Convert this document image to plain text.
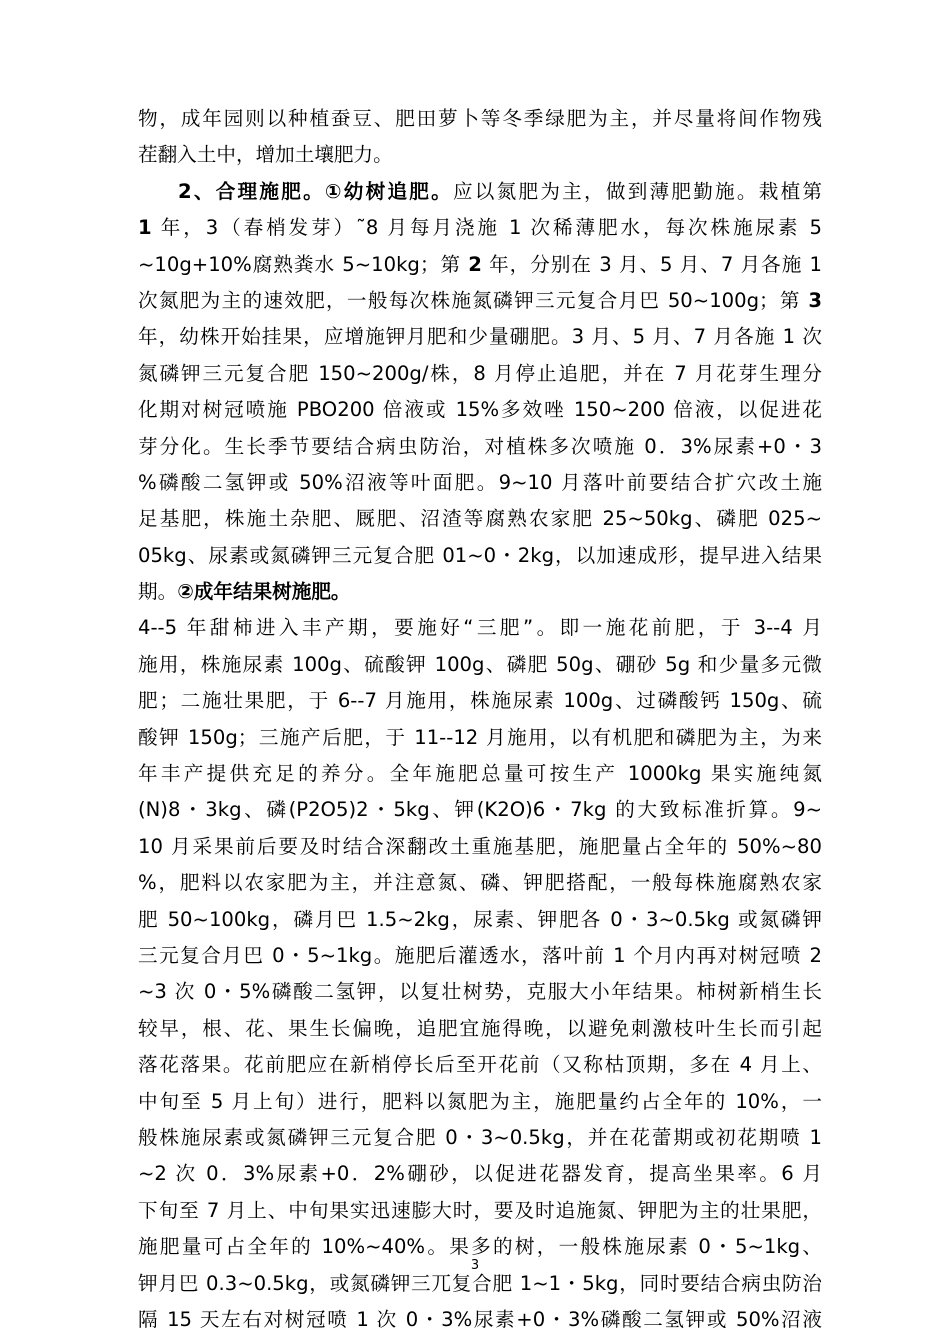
物，成年园则以种植蚕豆、肥田萝卜等冬季绿肥为主，并尽量将间作物残
茬翻入土中，增加土壤肥力。
2、合理施肥。①幼树追肥。应以氮肥为主，做到薄肥勤施。栽植第
1 年，3（春梢发芽）˜8 月每月浇施 1 次稀薄肥水，每次株施尿素 5
~10g+10%腐熟粪水 5~10kg；第 2 年，分别在 3 月、5 月、7 月各施 1
次氮肥为主的速效肥，一般每次株施氮磷钾三元复合月巴 50~100g；第 3
年，幼株开始挂果，应增施钾月肥和少量硼肥。3 月、5 月、7 月各施 1 次
氮磷钾三元复合肥 150~200g/株，8 月停止追肥，并在 7 月花芽生理分
化期对树冠喷施 PBO200 倍液或 15%多效唑 150~200 倍液，以促进花
芽分化。生长季节要结合病虫防治，对植株多次喷施 0．3%尿素+0・3
%磷酸二氢钾或 50%沼液等叶面肥。9~10 月落叶前要结合扩穴改土施
足基肥，株施土杂肥、厩肥、沼渣等腐熟农家肥 25~50kg、磷肥 025~
05kg、尿素或氮磷钾三元复合肥 01~0・2kg，以加速成形，提早进入结果
期。②成年结果树施肥。
4--5 年甜柿进入丰产期，要施好“三肥”。即一施花前肥，于 3--4 月
施用，株施尿素 100g、硫酸钾 100g、磷肥 50g、硼砂 5g 和少量多元微
肥；二施壮果肥，于 6--7 月施用，株施尿素 100g、过磷酸钙 150g、硫
酸钾 150g；三施产后肥，于 11--12 月施用，以有机肥和磷肥为主，为来
年丰产提供充足的养分。全年施肥总量可按生产 1000kg 果实施纯氮
(N)8・3kg、磷(P2O5)2・5kg、钾(K2O)6・7kg 的大致标准折算。9~
10 月采果前后要及时结合深翻改土重施基肥，施肥量占全年的 50%~80
%，肥料以农家肥为主，并注意氮、磷、钾肥搭配，一般每株施腐熟农家
肥 50~100kg，磷月巴 1.5~2kg，尿素、钾肥各 0・3~0.5kg 或氮磷钾
三元复合月巴 0・5~1kg。施肥后灌透水，落叶前 1 个月内再对树冠喷 2
~3 次 0・5%磷酸二氢钾，以复壮树势，克服大小年结果。柿树新梢生长
较早，根、花、果生长偏晚，追肥宜施得晚，以避免刺激枝叶生长而引起
落花落果。花前肥应在新梢停长后至开花前（又称枯顶期，多在 4 月上、
中旬至 5 月上旬）进行，肥料以氮肥为主，施肥量约占全年的 10%，一
般株施尿素或氮磷钾三元复合肥 0・3~0.5kg，并在花蕾期或初花期喷 1
~2 次 0．3%尿素+0．2%硼砂，以促进花器发育，提高坐果率。6 月
下旬至 7 月上、中旬果实迅速膨大时，要及时追施氮、钾肥为主的壮果肥，
施肥量可占全年的 10%~40%。果多的树，一般株施尿素 0・5~1kg、
钾月巴 0.3~0.5kg，或氮磷钾三兀复合肥 1~1・5kg，同时要结合病虫防治
隔 15 天左右对树冠喷 1 次 0・3%尿素+0・3%磷酸二氢钾或 50%沼液
3
